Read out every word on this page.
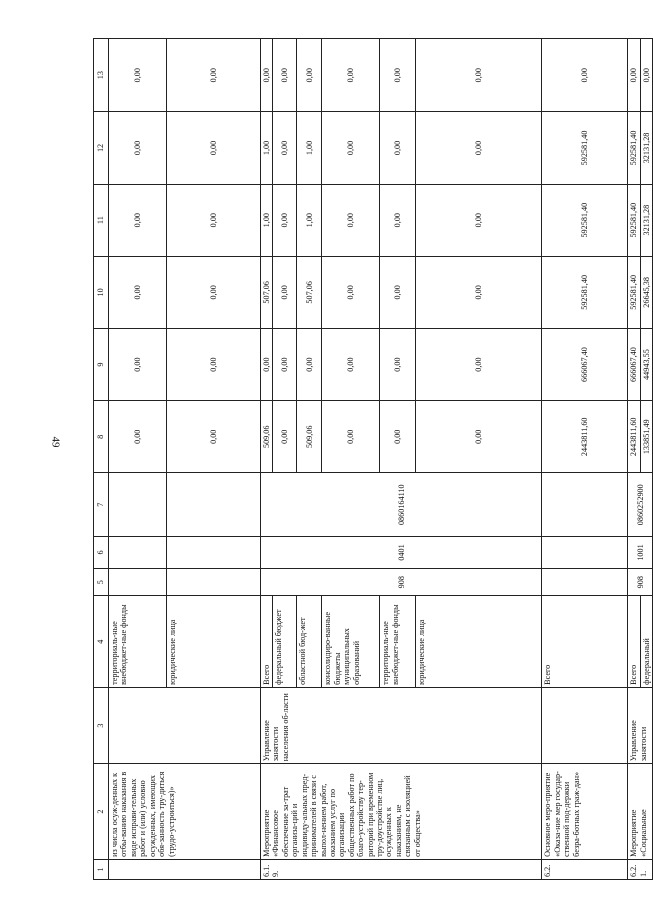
49
1	2	3	4	5	6	7	8	9	10	11	12	13
	из числа осуж-денных к отбы-ванию наказания в виде исправи-тельных работ и (или) условно осужденных, имеющих обя-занность тру-диться (трудо-устроиться)»		территориаль-ные внебюджет-ные фонды				0,00	0,00	0,00	0,00	0,00	0,00
			юридические лица				0,00	0,00	0,00	0,00	0,00	0,00
6.1.9.	Мероприятие «Финансовое обеспечение за-трат организа-ций и индивиду-альных пред-принимателей в связи с выпол-нением работ, оказанием услуг по организации общественных работ по благо-устройству тер-риторий при временном тру-доустройстве лиц, осужденных к наказаниям, не связанным с изоляцией от общества»	Управление занятости населения об-ласти	Всего	908	0401	0860164110	509,06	0,00	507,06	1,00	1,00	0,00
			федеральный бюджет				0,00	0,00	0,00	0,00	0,00	0,00
			областной бюд-жет				509,06	0,00	507,06	1,00	1,00	0,00
			консолидиро-ванные бюджеты муниципальных образований				0,00	0,00	0,00	0,00	0,00	0,00
			территориаль-ные внебюджет-ные фонды				0,00	0,00	0,00	0,00	0,00	0,00
			юридические лица				0,00	0,00	0,00	0,00	0,00	0,00
6.2.	Основное меро-приятие «Оказа-ние мер государ-ственной под-держки безра-ботных граж-дан»		Всего				2443811,60	666067,40	592581,40	592581,40	592581,40	0,00
6.2.1.	Мероприятие «Социальные	Управление занятости	Всего	908	1001	0860252900	2443811,60	666067,40	592581,40	592581,40	592581,40	0,00
			федеральный				133851,49	44943,55	26645,38	32131,28	32131,28	0,00
